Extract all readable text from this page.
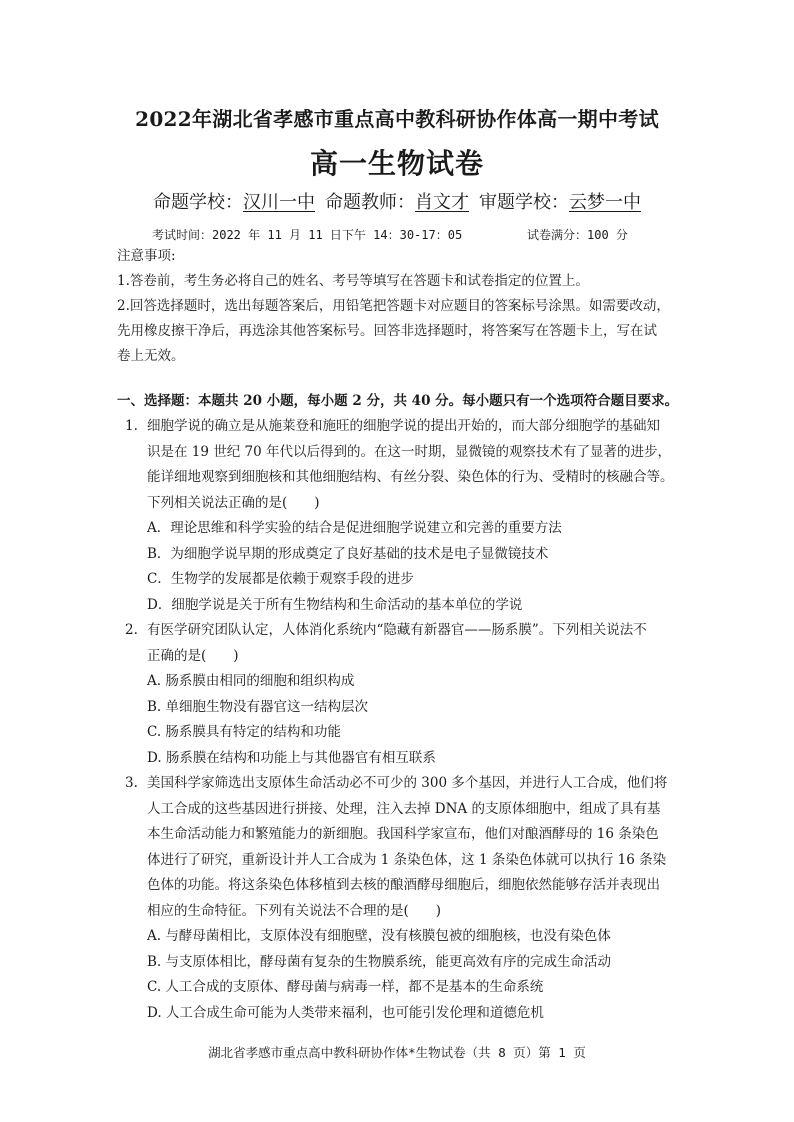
2022年湖北省孝感市重点高中教科研协作体高一期中考试
高一生物试卷
命题学校：汉川一中 命题教师：肖文才 审题学校：云梦一中
考试时间：2022 年 11 月 11 日下午 14：30-17：05	试卷满分：100 分
注意事项:
1.答卷前，考生务必将自己的姓名、考号等填写在答题卡和试卷指定的位置上。
2.回答选择题时，选出每题答案后，用铅笔把答题卡对应题目的答案标号涂黑。如需要改动，
先用橡皮擦干净后，再选涂其他答案标号。回答非选择题时，将答案写在答题卡上，写在试
卷上无效。
一、选择题：本题共 20 小题，每小题 2 分，共 40 分。每小题只有一个选项符合题目要求。
1. 细胞学说的确立是从施莱登和施旺的细胞学说的提出开始的，而大部分细胞学的基础知
识是在 19 世纪 70 年代以后得到的。在这一时期，显微镜的观察技术有了显著的进步，
能详细地观察到细胞核和其他细胞结构、有丝分裂、染色体的行为、受精时的核融合等。
下列相关说法正确的是(　　)
A．理论思维和科学实验的结合是促进细胞学说建立和完善的重要方法
B．为细胞学说早期的形成奠定了良好基础的技术是电子显微镜技术
C．生物学的发展都是依赖于观察手段的进步
D．细胞学说是关于所有生物结构和生命活动的基本单位的学说
2. 有医学研究团队认定，人体消化系统内“隐藏有新器官——肠系膜”。下列相关说法不
正确的是(　　)
A. 肠系膜由相同的细胞和组织构成
B. 单细胞生物没有器官这一结构层次
C. 肠系膜具有特定的结构和功能
D. 肠系膜在结构和功能上与其他器官有相互联系
3. 美国科学家筛选出支原体生命活动必不可少的 300 多个基因，并进行人工合成，他们将
人工合成的这些基因进行拼接、处理，注入去掉 DNA 的支原体细胞中，组成了具有基
本生命活动能力和繁殖能力的新细胞。我国科学家宣布，他们对酿酒酵母的 16 条染色
体进行了研究，重新设计并人工合成为 1 条染色体，这 1 条染色体就可以执行 16 条染
色体的功能。将这条染色体移植到去核的酿酒酵母细胞后，细胞依然能够存活并表现出
相应的生命特征。下列有关说法不合理的是(　　)
A. 与酵母菌相比，支原体没有细胞壁，没有核膜包被的细胞核，也没有染色体
B. 与支原体相比，酵母菌有复杂的生物膜系统，能更高效有序的完成生命活动
C. 人工合成的支原体、酵母菌与病毒一样，都不是基本的生命系统
D. 人工合成生命可能为人类带来福利，也可能引发伦理和道德危机
湖北省孝感市重点高中教科研协作体*生物试卷（共 8 页）第 1 页
